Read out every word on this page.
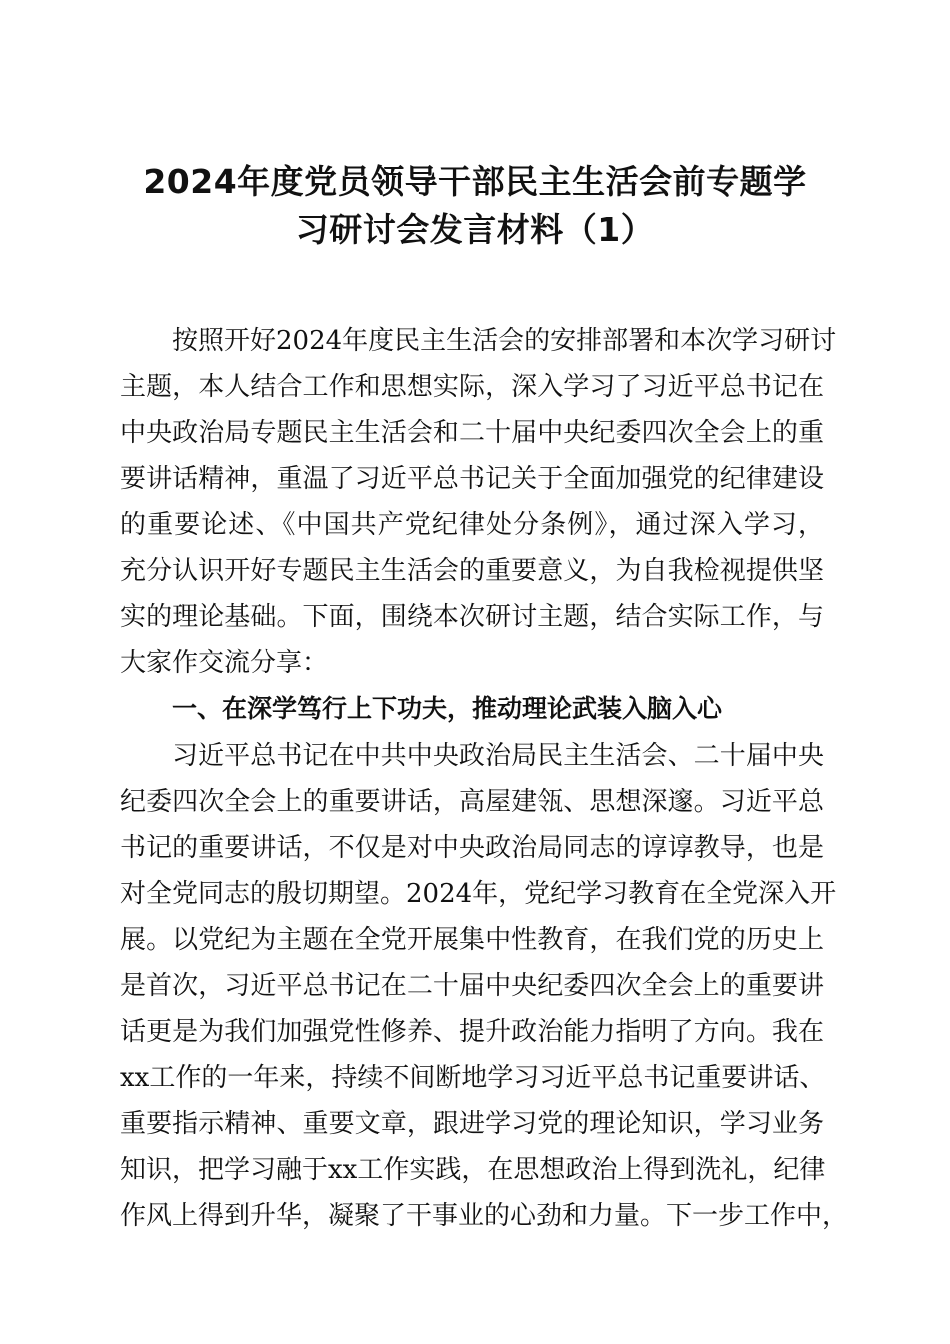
2024年度党员领导干部民主生活会前专题学
习研讨会发言材料（1）
按照开好2024年度民主生活会的安排部署和本次学习研讨
主题，本人结合工作和思想实际，深入学习了习近平总书记在
中央政治局专题民主生活会和二十届中央纪委四次全会上的重
要讲话精神，重温了习近平总书记关于全面加强党的纪律建设
的重要论述、《中国共产党纪律处分条例》，通过深入学习，
充分认识开好专题民主生活会的重要意义，为自我检视提供坚
实的理论基础。下面，围绕本次研讨主题，结合实际工作，与
大家作交流分享：
一、在深学笃行上下功夫，推动理论武装入脑入心
习近平总书记在中共中央政治局民主生活会、二十届中央
纪委四次全会上的重要讲话，高屋建瓴、思想深邃。习近平总
书记的重要讲话，不仅是对中央政治局同志的谆谆教导，也是
对全党同志的殷切期望。2024年，党纪学习教育在全党深入开
展。以党纪为主题在全党开展集中性教育，在我们党的历史上
是首次，习近平总书记在二十届中央纪委四次全会上的重要讲
话更是为我们加强党性修养、提升政治能力指明了方向。我在
xx工作的一年来，持续不间断地学习习近平总书记重要讲话、
重要指示精神、重要文章，跟进学习党的理论知识，学习业务
知识，把学习融于xx工作实践，在思想政治上得到洗礼，纪律
作风上得到升华，凝聚了干事业的心劲和力量。下一步工作中，
